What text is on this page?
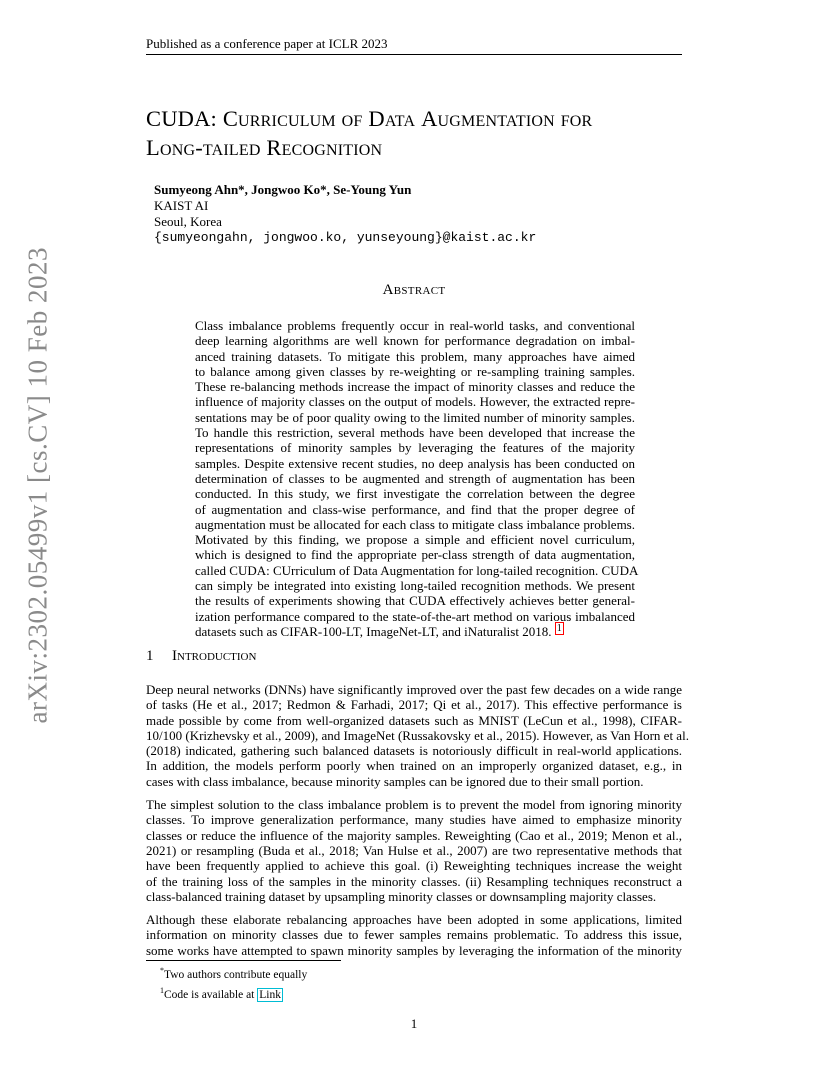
Published as a conference paper at ICLR 2023
arXiv:2302.05499v1 [cs.CV] 10 Feb 2023
CUDA: Curriculum of Data Augmentation for
Long-tailed Recognition
Sumyeong Ahn*, Jongwoo Ko*, Se-Young Yun
KAIST AI
Seoul, Korea
{sumyeongahn, jongwoo.ko, yunseyoung}@kaist.ac.kr
Abstract

Class imbalance problems frequently occur in real-world tasks, and conventional
deep learning algorithms are well known for performance degradation on imbal-
anced training datasets. To mitigate this problem, many approaches have aimed
to balance among given classes by re-weighting or re-sampling training samples.
These re-balancing methods increase the impact of minority classes and reduce the
influence of majority classes on the output of models. However, the extracted repre-
sentations may be of poor quality owing to the limited number of minority samples.
To handle this restriction, several methods have been developed that increase the
representations of minority samples by leveraging the features of the majority
samples. Despite extensive recent studies, no deep analysis has been conducted on
determination of classes to be augmented and strength of augmentation has been
conducted. In this study, we first investigate the correlation between the degree
of augmentation and class-wise performance, and find that the proper degree of
augmentation must be allocated for each class to mitigate class imbalance problems.
Motivated by this finding, we propose a simple and efficient novel curriculum,
which is designed to find the appropriate per-class strength of data augmentation,
called CUDA: CUrriculum of Data Augmentation for long-tailed recognition. CUDA
can simply be integrated into existing long-tailed recognition methods. We present
the results of experiments showing that CUDA effectively achieves better general-
ization performance compared to the state-of-the-art method on various imbalanced
datasets such as CIFAR-100-LT, ImageNet-LT, and iNaturalist 2018. $^1$

1 Introduction

Deep neural networks (DNNs) have significantly improved over the past few decades on a wide range
of tasks (He et al., 2017; Redmon & Farhadi, 2017; Qi et al., 2017). This effective performance is
made possible by come from well-organized datasets such as MNIST (LeCun et al., 1998), CIFAR-
10/100 (Krizhevsky et al., 2009), and ImageNet (Russakovsky et al., 2015). However, as Van Horn et al.
(2018) indicated, gathering such balanced datasets is notoriously difficult in real-world applications.
In addition, the models perform poorly when trained on an improperly organized dataset, e.g., in
cases with class imbalance, because minority samples can be ignored due to their small portion.

The simplest solution to the class imbalance problem is to prevent the model from ignoring minority
classes. To improve generalization performance, many studies have aimed to emphasize minority
classes or reduce the influence of the majority samples. Reweighting (Cao et al., 2019; Menon et al.,
2021) or resampling (Buda et al., 2018; Van Hulse et al., 2007) are two representative methods that
have been frequently applied to achieve this goal. (i) Reweighting techniques increase the weight
of the training loss of the samples in the minority classes. (ii) Resampling techniques reconstruct a
class-balanced training dataset by upsampling minority classes or downsampling majority classes.

Although these elaborate rebalancing approaches have been adopted in some applications, limited
information on minority classes due to fewer samples remains problematic. To address this issue,
some works have attempted to spawn minority samples by leveraging the information of the minority

*Two authors contribute equally
$^1$Code is available at Link
1
